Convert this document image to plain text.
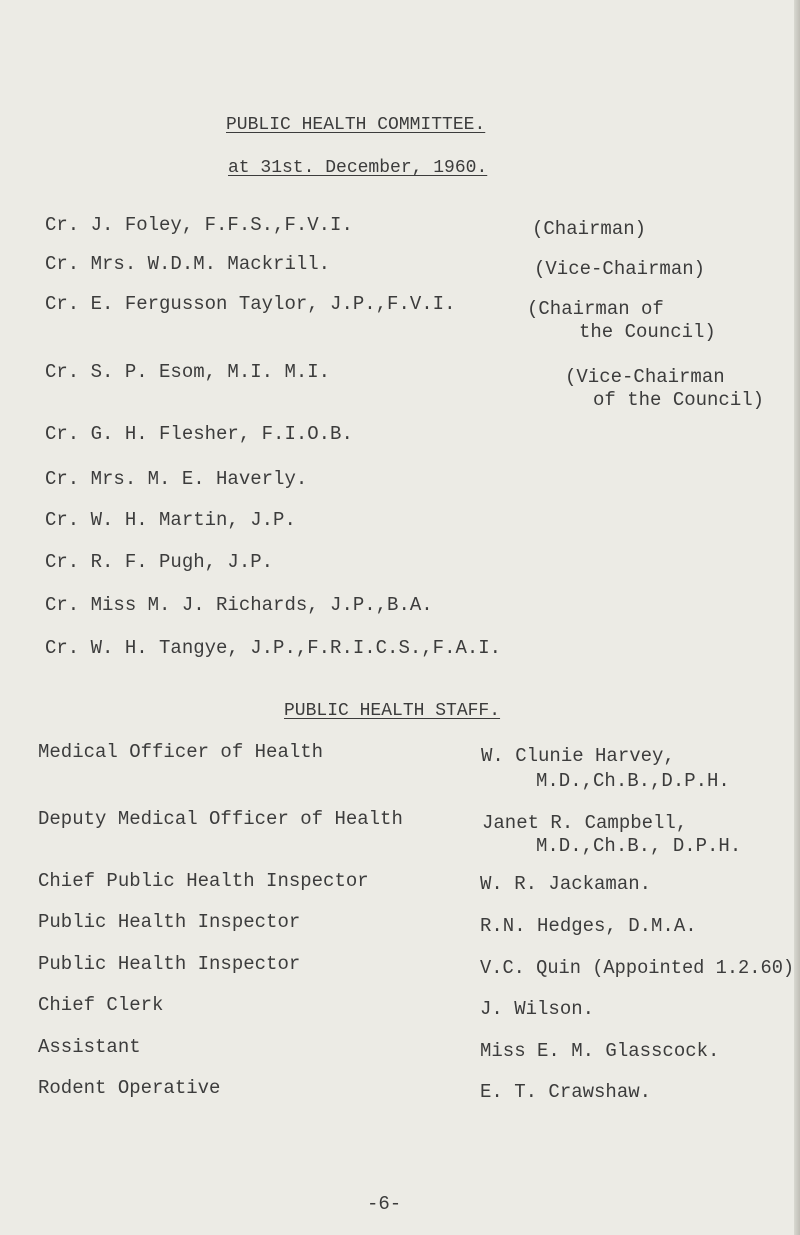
PUBLIC HEALTH COMMITTEE.
at 31st. December, 1960.
Cr. J. Foley, F.F.S.,F.V.I.	(Chairman)
Cr. Mrs. W.D.M. Mackrill.	(Vice-Chairman)
Cr. E. Fergusson Taylor, J.P.,F.V.I.	(Chairman of
the Council)
Cr. S. P. Esom, M.I. M.I.	(Vice-Chairman
of the Council)
Cr. G. H. Flesher, F.I.O.B.
Cr. Mrs. M. E. Haverly.
Cr. W. H. Martin, J.P.
Cr. R. F. Pugh, J.P.
Cr. Miss M. J. Richards, J.P.,B.A.
Cr. W. H. Tangye, J.P.,F.R.I.C.S.,F.A.I.
PUBLIC HEALTH STAFF.
Medical Officer of Health	W. Clunie Harvey,
M.D.,Ch.B.,D.P.H.
Deputy Medical Officer of Health	Janet R. Campbell,
M.D.,Ch.B., D.P.H.
Chief Public Health Inspector	W. R. Jackaman.
Public Health Inspector	R.N. Hedges, D.M.A.
Public Health Inspector	V.C. Quin (Appointed 1.2.60)
Chief Clerk	J. Wilson.
Assistant	Miss E. M. Glasscock.
Rodent Operative	E. T. Crawshaw.
-6-
